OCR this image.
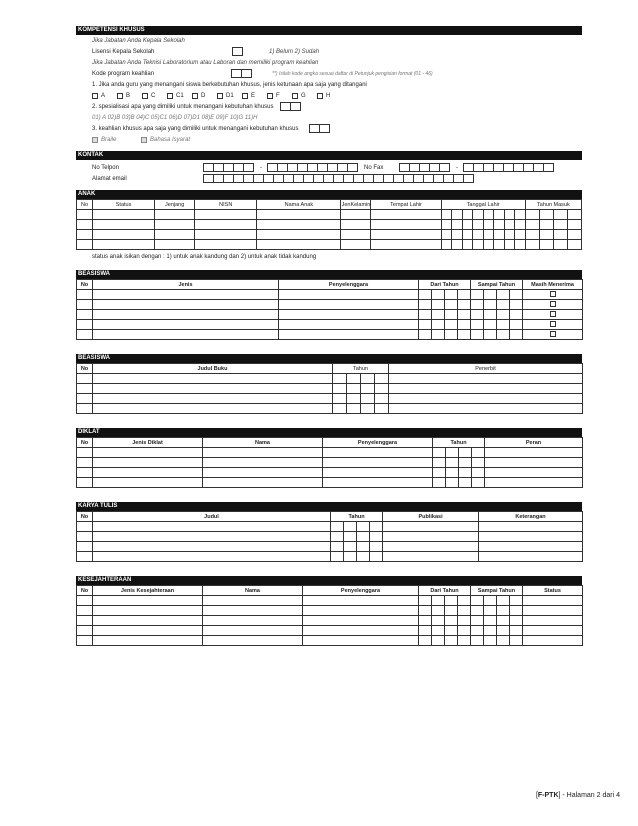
KOMPETENSI KHUSUS
Jika Jabatan Anda Kepala Sekolah
Lisensi Kepala Sekolah	1) Belum 2) Sudah
Jika Jabatan Anda Teknisi Laboratorium atau Laboran dan memiliki program keahlian
Kode program keahlian	**) Isilah kode angka sesuai daftar di Petunjuk pengisian format (01 - 46)
1. Jika anda guru yang menangani siswa berkebutuhan khusus, jenis ketunaan apa saja yang ditangani
A	B	C	C1	D	D1	E	F	G	H
2. spesialisasi apa yang dimiliki untuk menangani kebutuhan khusus
01) A 02)B 03)B 04)C 05)C1 06)D 07)D1 08)E 09)F 10)G 11)H
3. keahlian khusus apa saja yang dimiliki untuk menangani kebutuhan khusus
Braile	Bahasa Isyarat
KONTAK
No Telpon	-	No Fax	-
Alamat email
ANAK
No	Status	Jenjang	NISN	Nama Anak	JenKelamin	Tempat Lahir	Tanggal Lahir								Tahun Masuk			

status anak isikan dengan : 1) untuk anak kandung dan 2) untuk anak tidak kandung
BEASISWA
No	Jenis	Penyelenggara	Dari Tahun				Sampai Tahun				Masih Menerima

BEASISWA
No	Judul Buku	Tahun				Penerbit

DIKLAT
No	Jenis Diklat	Nama	Penyelenggara	Tahun				Peran

KARYA TULIS
No	Judul	Tahun				Publikasi	Keterangan	

KESEJAHTERAAN
No	Jenis Kesejahteraan	Nama	Penyelenggara	Dari Tahun				Sampai Tahun				Status

[F-PTK] - Halaman 2 dari 4
